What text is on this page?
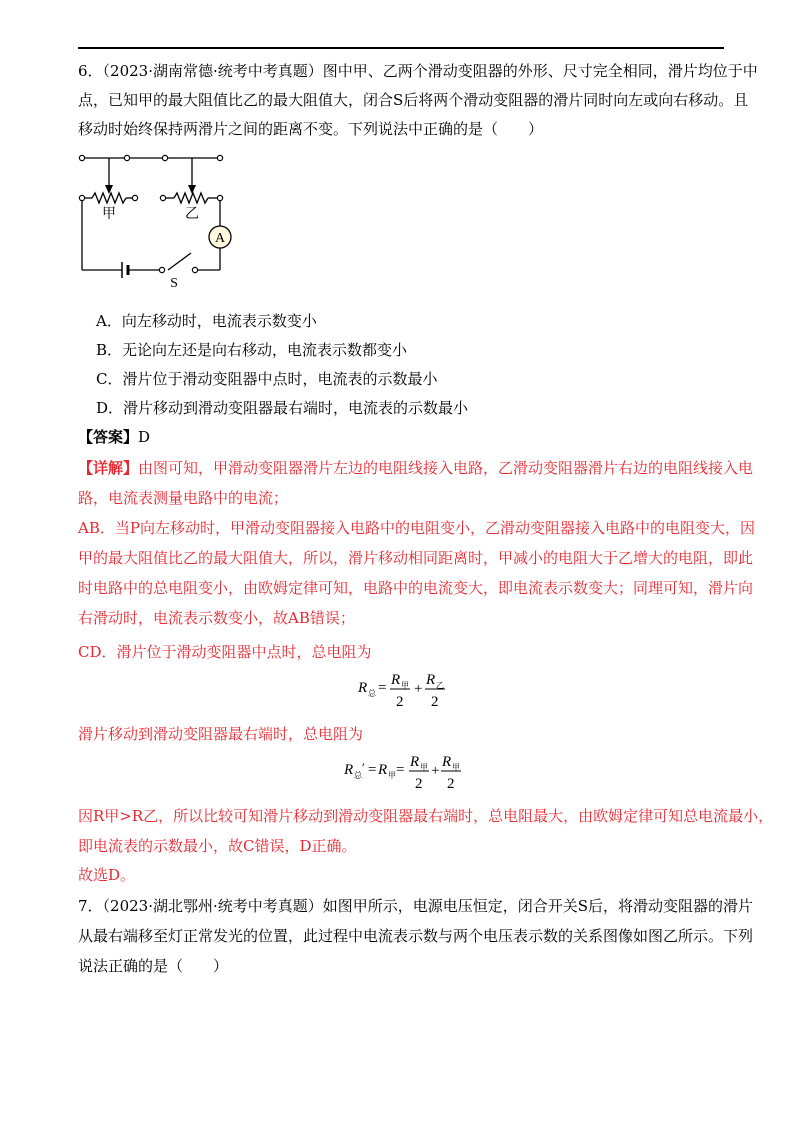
6．（2023·湖南常德·统考中考真题）图中甲、乙两个滑动变阻器的外形、尺寸完全相同，滑片均位于中
点，已知甲的最大阻值比乙的最大阻值大，闭合S后将两个滑动变阻器的滑片同时向左或向右移动。且
移动时始终保持两滑片之间的距离不变。下列说法中正确的是（　　）
A
甲	乙
S
A．向左移动时，电流表示数变小
B．无论向左还是向右移动，电流表示数都变小
C．滑片位于滑动变阻器中点时，电流表的示数最小
D．滑片移动到滑动变阻器最右端时，电流表的示数最小
【答案】D
【详解】由图可知，甲滑动变阻器滑片左边的电阻线接入电路，乙滑动变阻器滑片右边的电阻线接入电
路，电流表测量电路中的电流；
AB．当P向左移动时，甲滑动变阻器接入电路中的电阻变小，乙滑动变阻器接入电路中的电阻变大，因
甲的最大阻值比乙的最大阻值大，所以，滑片移动相同距离时，甲减小的电阻大于乙增大的电阻，即此
时电路中的总电阻变小，由欧姆定律可知，电路中的电流变大，即电流表示数变大；同理可知，滑片向
右滑动时，电流表示数变小，故AB错误；
CD．滑片位于滑动变阻器中点时，总电阻为
R 总 = R 甲
2
+
R 乙
2
滑片移动到滑动变阻器最右端时，总电阻为
R 总
′ = R 甲 = R 甲
2
+
R 甲
2
因R甲>R乙，所以比较可知滑片移动到滑动变阻器最右端时，总电阻最大，由欧姆定律可知总电流最小，
即电流表的示数最小，故C错误，D正确。
故选D。
7．（2023·湖北鄂州·统考中考真题）如图甲所示，电源电压恒定，闭合开关S后，将滑动变阻器的滑片
从最右端移至灯正常发光的位置，此过程中电流表示数与两个电压表示数的关系图像如图乙所示。下列
说法正确的是（　　）
